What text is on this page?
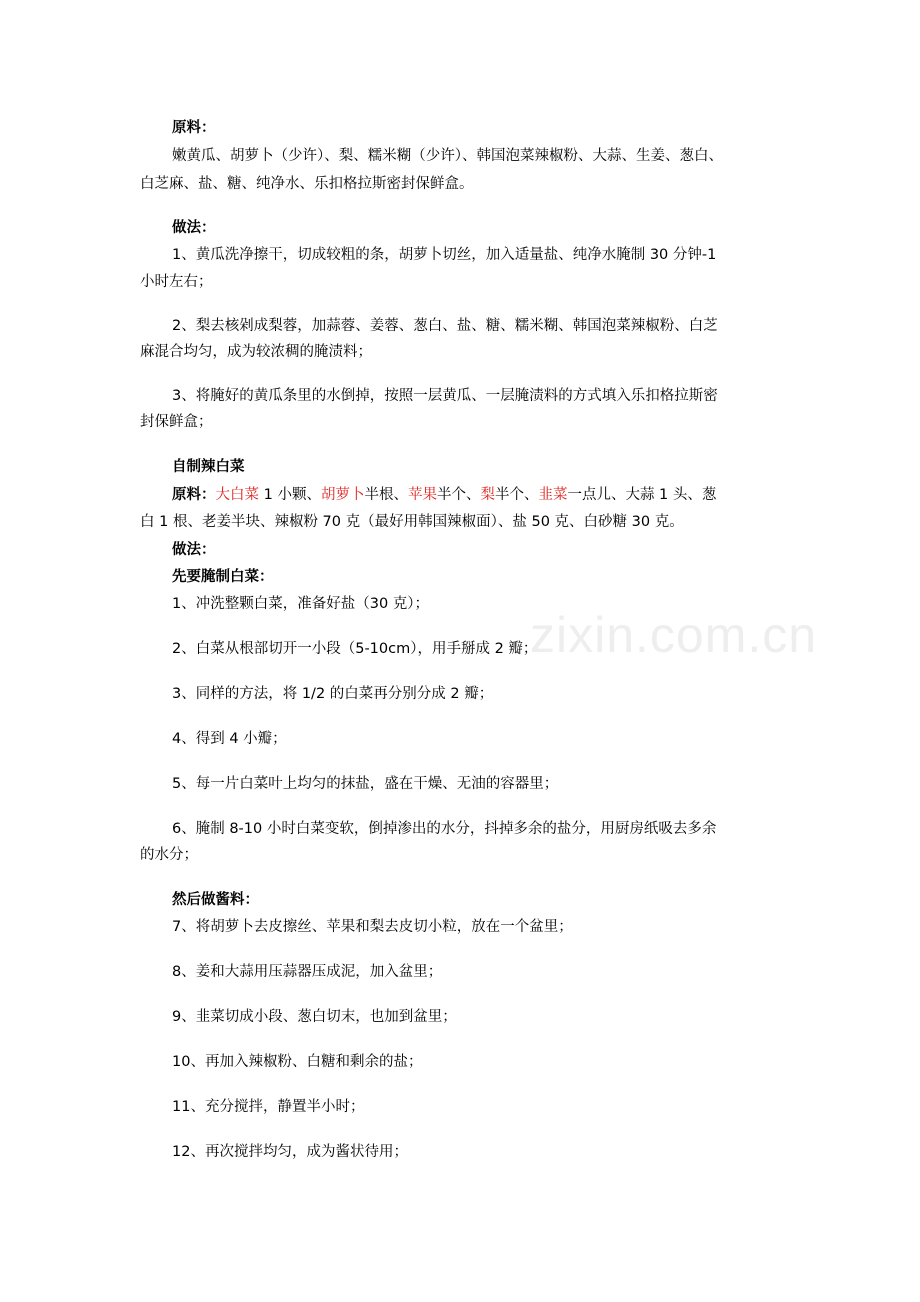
zixin.com.cn
原料：
嫩黄瓜、胡萝卜（少许）、梨、糯米糊（少许）、韩国泡菜辣椒粉、大蒜、生姜、葱白、
白芝麻、盐、糖、纯净水、乐扣格拉斯密封保鲜盒。
做法：
1、黄瓜洗净擦干，切成较粗的条，胡萝卜切丝，加入适量盐、纯净水腌制 30 分钟-1
小时左右；
2、梨去核剁成梨蓉，加蒜蓉、姜蓉、葱白、盐、糖、糯米糊、韩国泡菜辣椒粉、白芝
麻混合均匀，成为较浓稠的腌渍料；
3、将腌好的黄瓜条里的水倒掉，按照一层黄瓜、一层腌渍料的方式填入乐扣格拉斯密
封保鲜盒；
自制辣白菜
原料：大白菜 1 小颗、胡萝卜半根、苹果半个、梨半个、韭菜一点儿、大蒜 1 头、葱
白 1 根、老姜半块、辣椒粉 70 克（最好用韩国辣椒面）、盐 50 克、白砂糖 30 克。
做法：
先要腌制白菜：
1、冲洗整颗白菜，准备好盐（30 克）；
2、白菜从根部切开一小段（5-10cm），用手掰成 2 瓣；
3、同样的方法，将 1/2 的白菜再分别分成 2 瓣；
4、得到 4 小瓣；
5、每一片白菜叶上均匀的抹盐，盛在干燥、无油的容器里；
6、腌制 8-10 小时白菜变软，倒掉渗出的水分，抖掉多余的盐分，用厨房纸吸去多余
的水分；
然后做酱料：
7、将胡萝卜去皮擦丝、苹果和梨去皮切小粒，放在一个盆里；
8、姜和大蒜用压蒜器压成泥，加入盆里；
9、韭菜切成小段、葱白切末，也加到盆里；
10、再加入辣椒粉、白糖和剩余的盐；
11、充分搅拌，静置半小时；
12、再次搅拌均匀，成为酱状待用；
